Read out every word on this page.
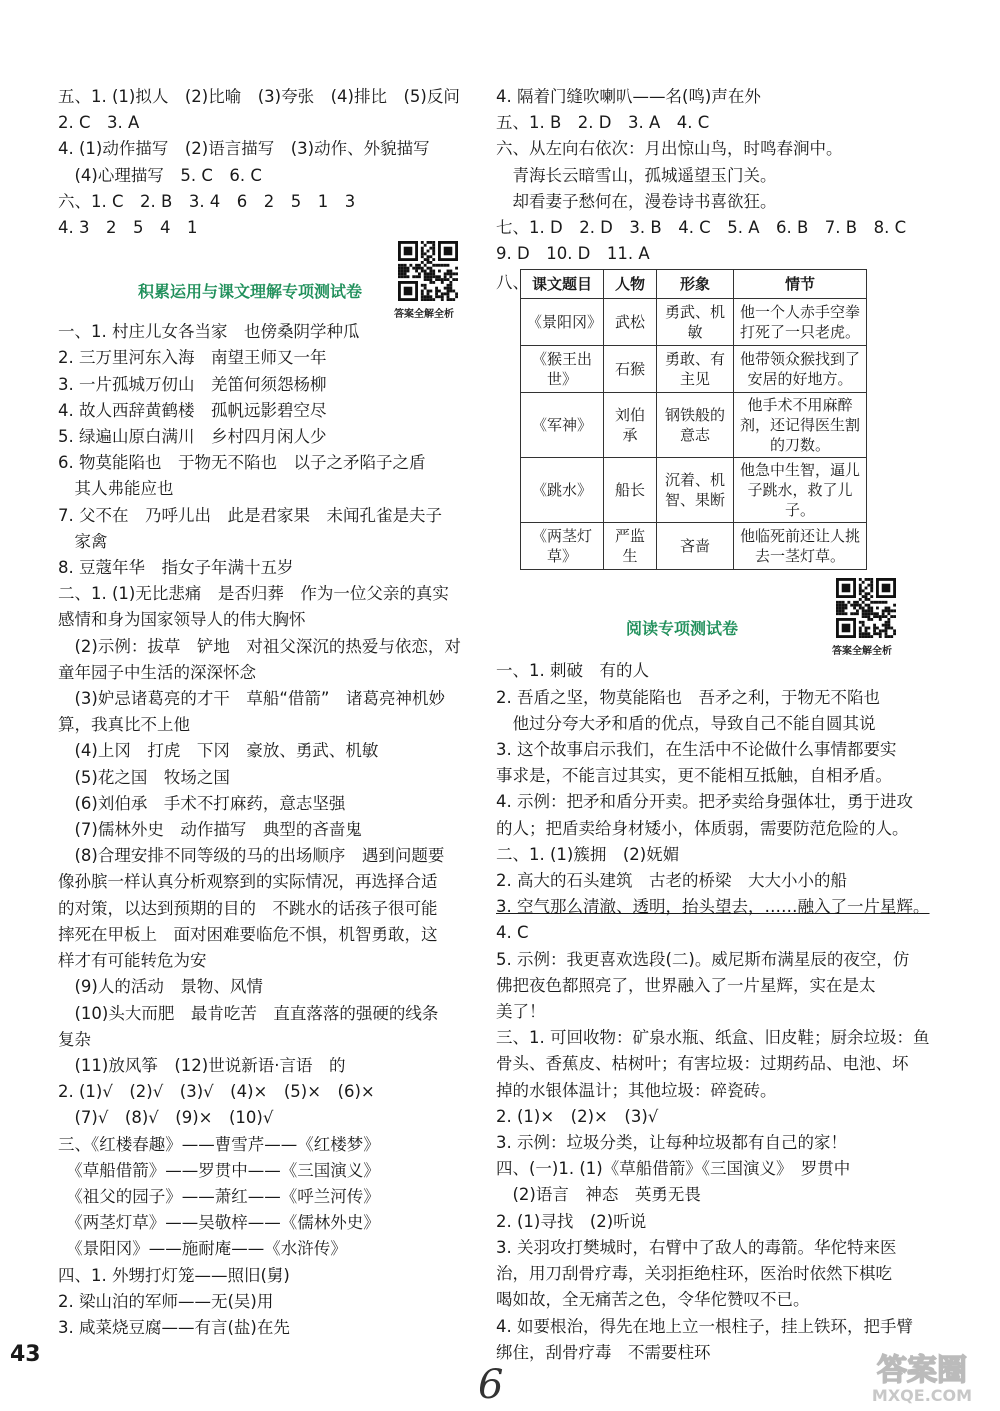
五、1. (1)拟人　(2)比喻　(3)夸张　(4)排比　(5)反问
2. C　3. A
4. (1)动作描写　(2)语言描写　(3)动作、外貌描写
　(4)心理描写　5. C　6. C
六、1. C　2. B　3. 4　6　2　5　1　3
4. 3　2　5　4　1
积累运用与课文理解专项测试卷
答案全解全析
一、1. 村庄儿女各当家　也傍桑阴学种瓜
2. 三万里河东入海　南望王师又一年
3. 一片孤城万仞山　羌笛何须怨杨柳
4. 故人西辞黄鹤楼　孤帆远影碧空尽
5. 绿遍山原白满川　乡村四月闲人少
6. 物莫能陷也　于物无不陷也　以子之矛陷子之盾
　其人弗能应也
7. 父不在　乃呼儿出　此是君家果　未闻孔雀是夫子
　家禽
8. 豆蔻年华　指女子年满十五岁
二、1. (1)无比悲痛　是否归葬　作为一位父亲的真实
感情和身为国家领导人的伟大胸怀
　(2)示例：拔草　铲地　对祖父深沉的热爱与依恋，对
童年园子中生活的深深怀念
　(3)妒忌诸葛亮的才干　草船“借箭”　诸葛亮神机妙
算，我真比不上他
　(4)上冈　打虎　下冈　豪放、勇武、机敏
　(5)花之国　牧场之国
　(6)刘伯承　手术不打麻药，意志坚强
　(7)儒林外史　动作描写　典型的吝啬鬼
　(8)合理安排不同等级的马的出场顺序　遇到问题要
像孙膑一样认真分析观察到的实际情况，再选择合适
的对策，以达到预期的目的　不跳水的话孩子很可能
摔死在甲板上　面对困难要临危不惧，机智勇敢，这
样才有可能转危为安
　(9)人的活动　景物、风情
　(10)头大而肥　最肯吃苦　直直落落的强硬的线条
复杂
　(11)放风筝　(12)世说新语·言语　的
2. (1)√　(2)√　(3)√　(4)×　(5)×　(6)×
　(7)√　(8)√　(9)×　(10)√
三、《红楼春趣》——曹雪芹——《红楼梦》
　《草船借箭》——罗贯中——《三国演义》
　《祖父的园子》——萧红——《呼兰河传》
　《两茎灯草》——吴敬梓——《儒林外史》
　《景阳冈》——施耐庵——《水浒传》
四、1. 外甥打灯笼——照旧(舅)
2. 梁山泊的军师——无(吴)用
3. 咸菜烧豆腐——有言(盐)在先
4. 隔着门缝吹喇叭——名(鸣)声在外
五、1. B　2. D　3. A　4. C
六、从左向右依次：月出惊山鸟，时鸣春涧中。
　青海长云暗雪山，孤城遥望玉门关。
　却看妻子愁何在，漫卷诗书喜欲狂。
七、1. D　2. D　3. B　4. C　5. A　6. B　7. B　8. C
9. D　10. D　11. A
八、 课文题目	人物	形象	情节
《景阳冈》	武松	勇武、机敏	他一个人赤手空拳打死了一只老虎。
《猴王出世》	石猴	勇敢、有主见	他带领众猴找到了安居的好地方。
《军神》	刘伯承	钢铁般的意志	他手术不用麻醉剂，还记得医生割的刀数。
《跳水》	船长	沉着、机智、果断	他急中生智，逼儿子跳水，救了儿子。
《两茎灯草》	严监生	吝啬	他临死前还让人挑去一茎灯草。
阅读专项测试卷
答案全解全析
一、1. 刺破　有的人
2. 吾盾之坚，物莫能陷也　吾矛之利，于物无不陷也
　他过分夸大矛和盾的优点，导致自己不能自圆其说
3. 这个故事启示我们，在生活中不论做什么事情都要实
事求是，不能言过其实，更不能相互抵触，自相矛盾。
4. 示例：把矛和盾分开卖。把矛卖给身强体壮，勇于进攻
的人；把盾卖给身材矮小，体质弱，需要防范危险的人。
二、1. (1)簇拥　(2)妩媚
2. 高大的石头建筑　古老的桥梁　大大小小的船
3. 空气那么清澈、透明，抬头望去，……融入了一片星辉。
4. C
5. 示例：我更喜欢选段(二)。威尼斯布满星辰的夜空，仿
佛把夜色都照亮了，世界融入了一片星辉，实在是太
美了！
三、1. 可回收物：矿泉水瓶、纸盒、旧皮鞋；厨余垃圾：鱼
骨头、香蕉皮、枯树叶；有害垃圾：过期药品、电池、坏
掉的水银体温计；其他垃圾：碎瓷砖。
2. (1)×　(2)×　(3)√
3. 示例：垃圾分类，让每种垃圾都有自己的家！
四、(一)1. (1)《草船借箭》《三国演义》　罗贯中
　(2)语言　神态　英勇无畏
2. (1)寻找　(2)听说
3. 关羽攻打樊城时，右臂中了敌人的毒箭。华佗特来医
治，用刀刮骨疗毒，关羽拒绝柱环，医治时依然下棋吃
喝如故，全无痛苦之色，令华佗赞叹不已。
4. 如要根治，得先在地上立一根柱子，挂上铁环，把手臂
绑住，刮骨疗毒　不需要柱环
43
6	答案圈
MXQE.COM
